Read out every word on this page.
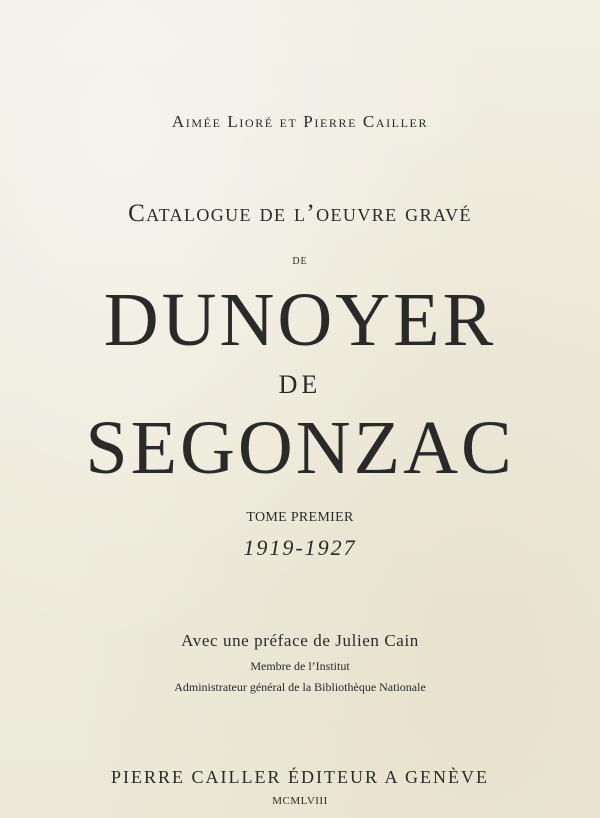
Aimée Lioré et Pierre Cailler
Catalogue de l’oeuvre gravé
de
DUNOYER
DE
SEGONZAC
TOME PREMIER
1919-1927
Avec une préface de Julien Cain
Membre de l’Institut
Administrateur général de la Bibliothèque Nationale
PIERRE CAILLER ÉDITEUR A GENÈVE
MCMLVIII
